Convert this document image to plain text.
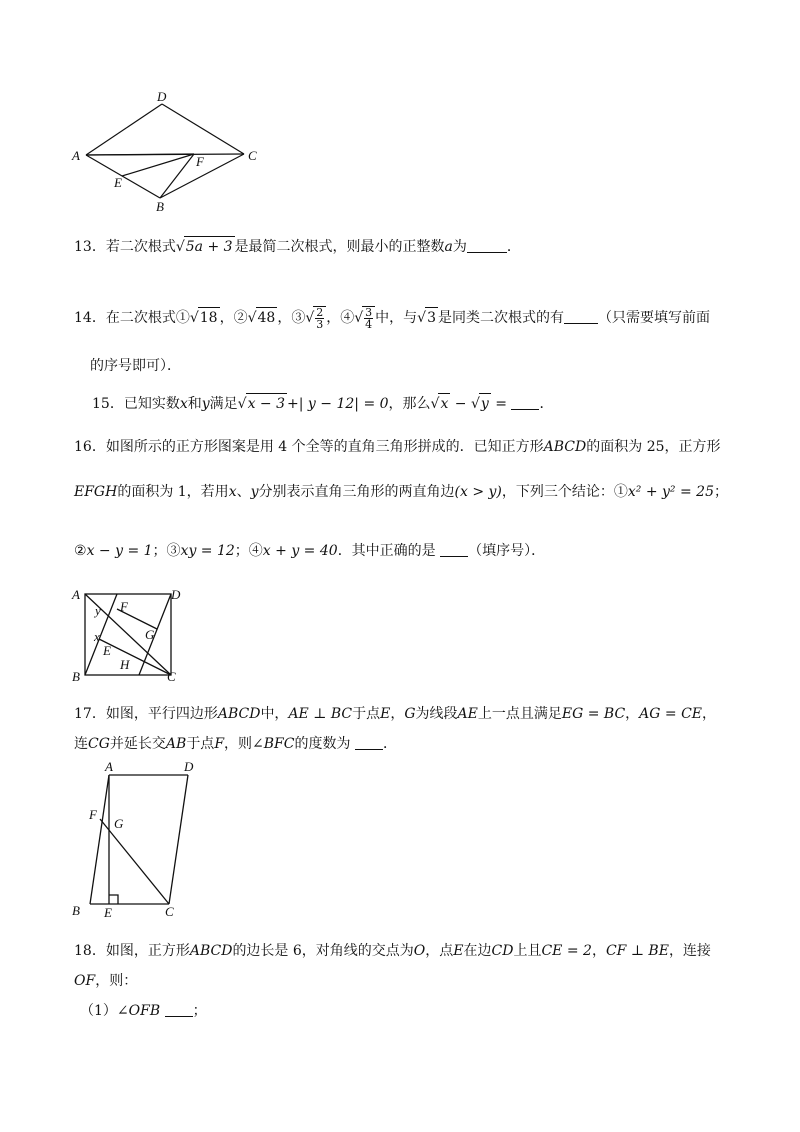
D
A	C
F
E
B
13．若二次根式√5a + 3 是最简二次根式，则最小的正整数a为	．
14．在二次根式①√18 ，②√48 ，③√ $\frac{2}{3}$ ，④√ $\frac{3}{4}$ 中，与√3 是同类二次根式的有 （只需要填写前面
的序号即可）．
15．已知实数x和y满足√x − 3 +| y − 12| = 0，那么√x − √y = ．
16．如图所示的正方形图案是用 4 个全等的直角三角形拼成的．已知正方形ABCD的面积为 25，正方形
EFGH的面积为 1，若用x、y分别表示直角三角形的两直角边(x > y)，下列三个结论：①x² + y² = 25；
②x − y = 1；③xy = 12；④x + y = 40．其中正确的是 （填序号）．
A	D
B	C
y F
G
x
E
H
17．如图，平行四边形ABCD中，AE ⊥ BC于点E，G为线段AE上一点且满足EG = BC，AG = CE，
连CG并延长交AB于点F，则∠BFC的度数为 ．
A	D
F
G
B E	C
18．如图，正方形ABCD的边长是 6，对角线的交点为O，点E在边CD上且CE = 2，CF ⊥ BE，连接
OF，则：
（1）∠OFB ；
